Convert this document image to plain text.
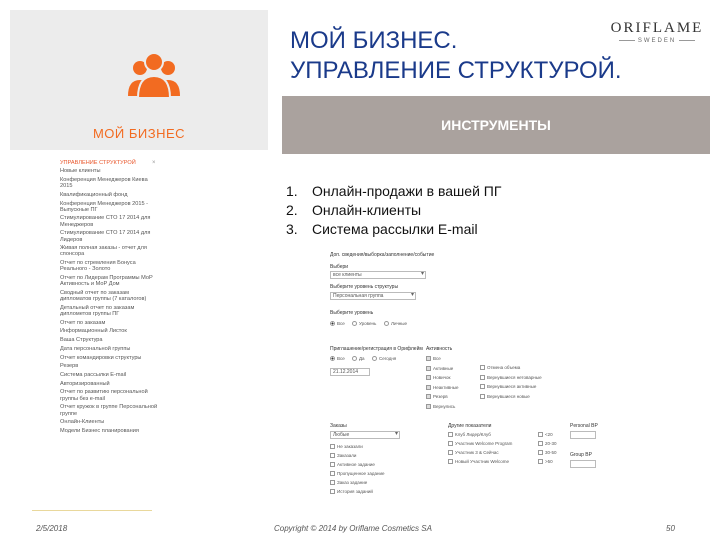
МОЙ БИЗНЕС
МОЙ БИЗНЕС.
УПРАВЛЕНИЕ СТРУКТУРОЙ.
ORIFLAME
SWEDEN
ИНСТРУМЕНТЫ
1. Онлайн-продажи в вашей ПГ
2. Онлайн-клиенты
3. Система рассылки E-mail
×
УПРАВЛЕНИЕ СТРУКТУРОЙ
Новые клиенты
Конференция Менеджеров Киева 2015
Квалификационный фонд
Конференция Менеджеров 2015 - Выпускные ПГ
Стимулирование CTO 17 2014 для Менеджеров
Стимулирование CTO 17 2014 для Лидеров
Живая полная заказы - отчет для спонсора
Отчет по стремления Бонуса Реального - Золото
Отчет по Лидерам Программы МоР Активность и МоР Дом
Сводный отчет по заказам дипломатов группы (7 каталогов)
Детальный отчет по заказам диплометов группы ПГ
Отчет по заказам
Информационный Листок
Ваша Структура
Дата персональной группы
Отчет командировки структуры
Резерв
Система рассылки E-mail
Авторизированный
Отчет по развитию персональной группы без e-mail
Отчет кружок в группе Персональной группе
Онлайн-Клиенты
Модели Бизнес планирования
Доп. сведения/выборка/заполнение/событие
Выбери
все клиенты ▾
Выберите уровень структуры
Персональная группа ▾
Выберите уровень
Все	Уровень	Личные
Приглашение/регистрация в Орифлейм
Все	Да	Сегодня
21.12.2014
Активность
Все
Активные
Новичок
Неактивные
Резерв
Вернулись
Отмена объема
Вернувшиеся нетоварные
Вернувшиеся активные
Вернувшиеся новые
Заказы
Любые ▾
Не заказали
Заказали
Активное задание
Пропущенное задание
Заказ задание
История заданий
Другие показатели
Клуб Лидер/Клуб
Участник Welcome Program
Участник 3 & Сейчас
Новый Участник Welcome
Personal BP
Group BP
<20
20-30
30-50
>50
2/5/2018	Copyright © 2014 by Oriflame Cosmetics SA	50
